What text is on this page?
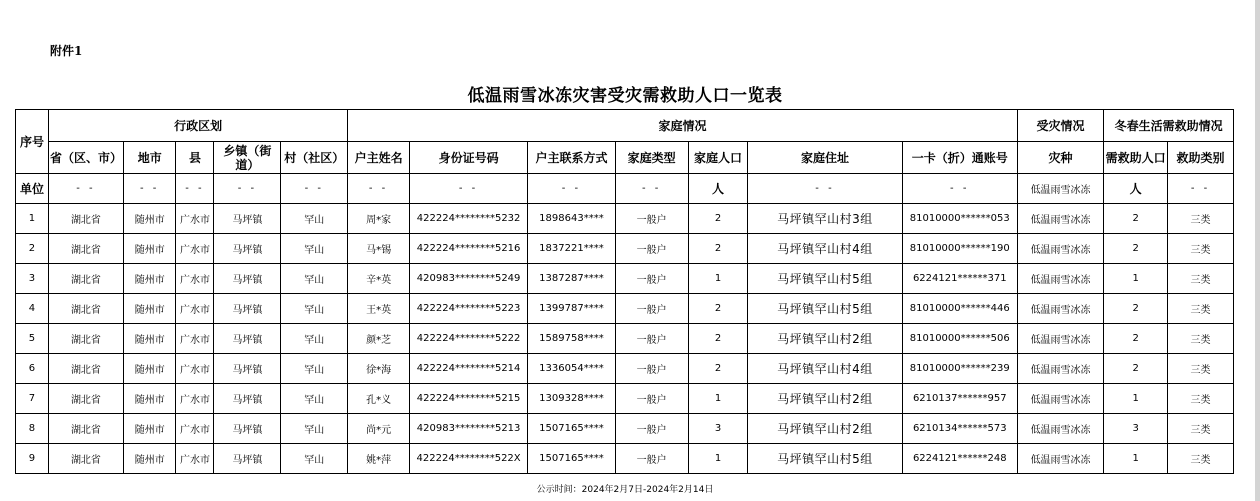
附件1
低温雨雪冰冻灾害受灾需救助人口一览表
序号	行政区划					家庭情况							受灾情况	冬春生活需救助情况	
	省（区、市）	地市	县	乡镇（街道）	村（社区）	户主姓名	身份证号码	户主联系方式	家庭类型	家庭人口	家庭住址	一卡（折）通账号	灾种	需救助人口	救助类别
单位	- -	- -	- -	- -	- -	- -	- -	- -	- -	人	- -	- -	低温雨雪冰冻	人	- -
1	湖北省	随州市	广水市	马坪镇	罕山	周*家	422224********5232	1898643****	一般户	2	马坪镇罕山村3组	81010000******053	低温雨雪冰冻	2	三类
2	湖北省	随州市	广水市	马坪镇	罕山	马*锡	422224********5216	1837221****	一般户	2	马坪镇罕山村4组	81010000******190	低温雨雪冰冻	2	三类
3	湖北省	随州市	广水市	马坪镇	罕山	辛*英	420983********5249	1387287****	一般户	1	马坪镇罕山村5组	6224121******371	低温雨雪冰冻	1	三类
4	湖北省	随州市	广水市	马坪镇	罕山	王*英	422224********5223	1399787****	一般户	2	马坪镇罕山村5组	81010000******446	低温雨雪冰冻	2	三类
5	湖北省	随州市	广水市	马坪镇	罕山	颜*芝	422224********5222	1589758****	一般户	2	马坪镇罕山村2组	81010000******506	低温雨雪冰冻	2	三类
6	湖北省	随州市	广水市	马坪镇	罕山	徐*海	422224********5214	1336054****	一般户	2	马坪镇罕山村4组	81010000******239	低温雨雪冰冻	2	三类
7	湖北省	随州市	广水市	马坪镇	罕山	孔*义	422224********5215	1309328****	一般户	1	马坪镇罕山村2组	6210137******957	低温雨雪冰冻	1	三类
8	湖北省	随州市	广水市	马坪镇	罕山	尚*元	420983********5213	1507165****	一般户	3	马坪镇罕山村2组	6210134******573	低温雨雪冰冻	3	三类
9	湖北省	随州市	广水市	马坪镇	罕山	姚*萍	422224********522X	1507165****	一般户	1	马坪镇罕山村5组	6224121******248	低温雨雪冰冻	1	三类
公示时间：2024年2月7日-2024年2月14日
